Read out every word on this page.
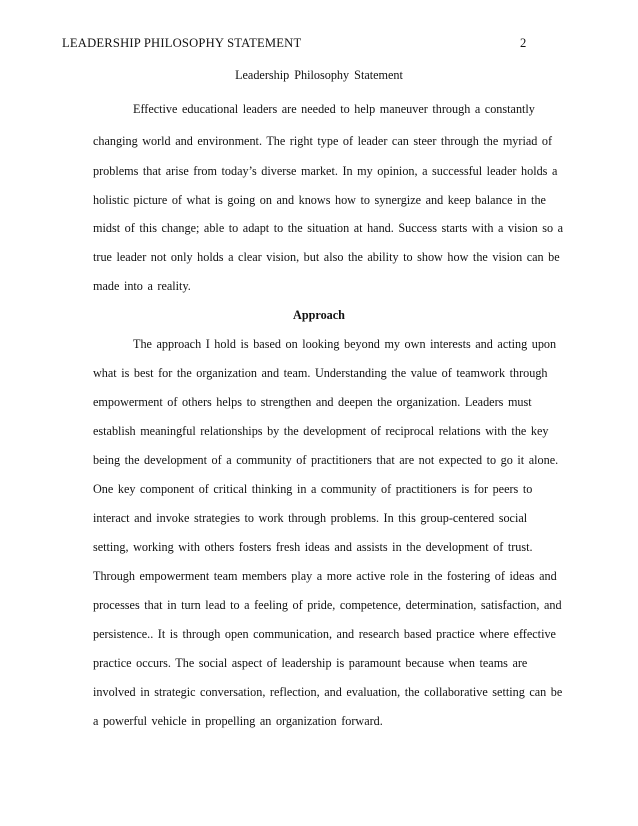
LEADERSHIP PHILOSOPHY STATEMENT	2
Leadership Philosophy Statement
Effective educational leaders are needed to help maneuver through a constantly
changing world and environment. The right type of leader can steer through the myriad of
problems that arise from today’s diverse market. In my opinion, a successful leader holds a
holistic picture of what is going on and knows how to synergize and keep balance in the
midst of this change; able to adapt to the situation at hand. Success starts with a vision so a
true leader not only holds a clear vision, but also the ability to show how the vision can be
made into a reality.
Approach
The approach I hold is based on looking beyond my own interests and acting upon
what is best for the organization and team. Understanding the value of teamwork through
empowerment of others helps to strengthen and deepen the organization. Leaders must
establish meaningful relationships by the development of reciprocal relations with the key
being the development of a community of practitioners that are not expected to go it alone.
One key component of critical thinking in a community of practitioners is for peers to
interact and invoke strategies to work through problems. In this group-centered social
setting, working with others fosters fresh ideas and assists in the development of trust.
Through empowerment team members play a more active role in the fostering of ideas and
processes that in turn lead to a feeling of pride, competence, determination, satisfaction, and
persistence.. It is through open communication, and research based practice where effective
practice occurs. The social aspect of leadership is paramount because when teams are
involved in strategic conversation, reflection, and evaluation, the collaborative setting can be
a powerful vehicle in propelling an organization forward.
